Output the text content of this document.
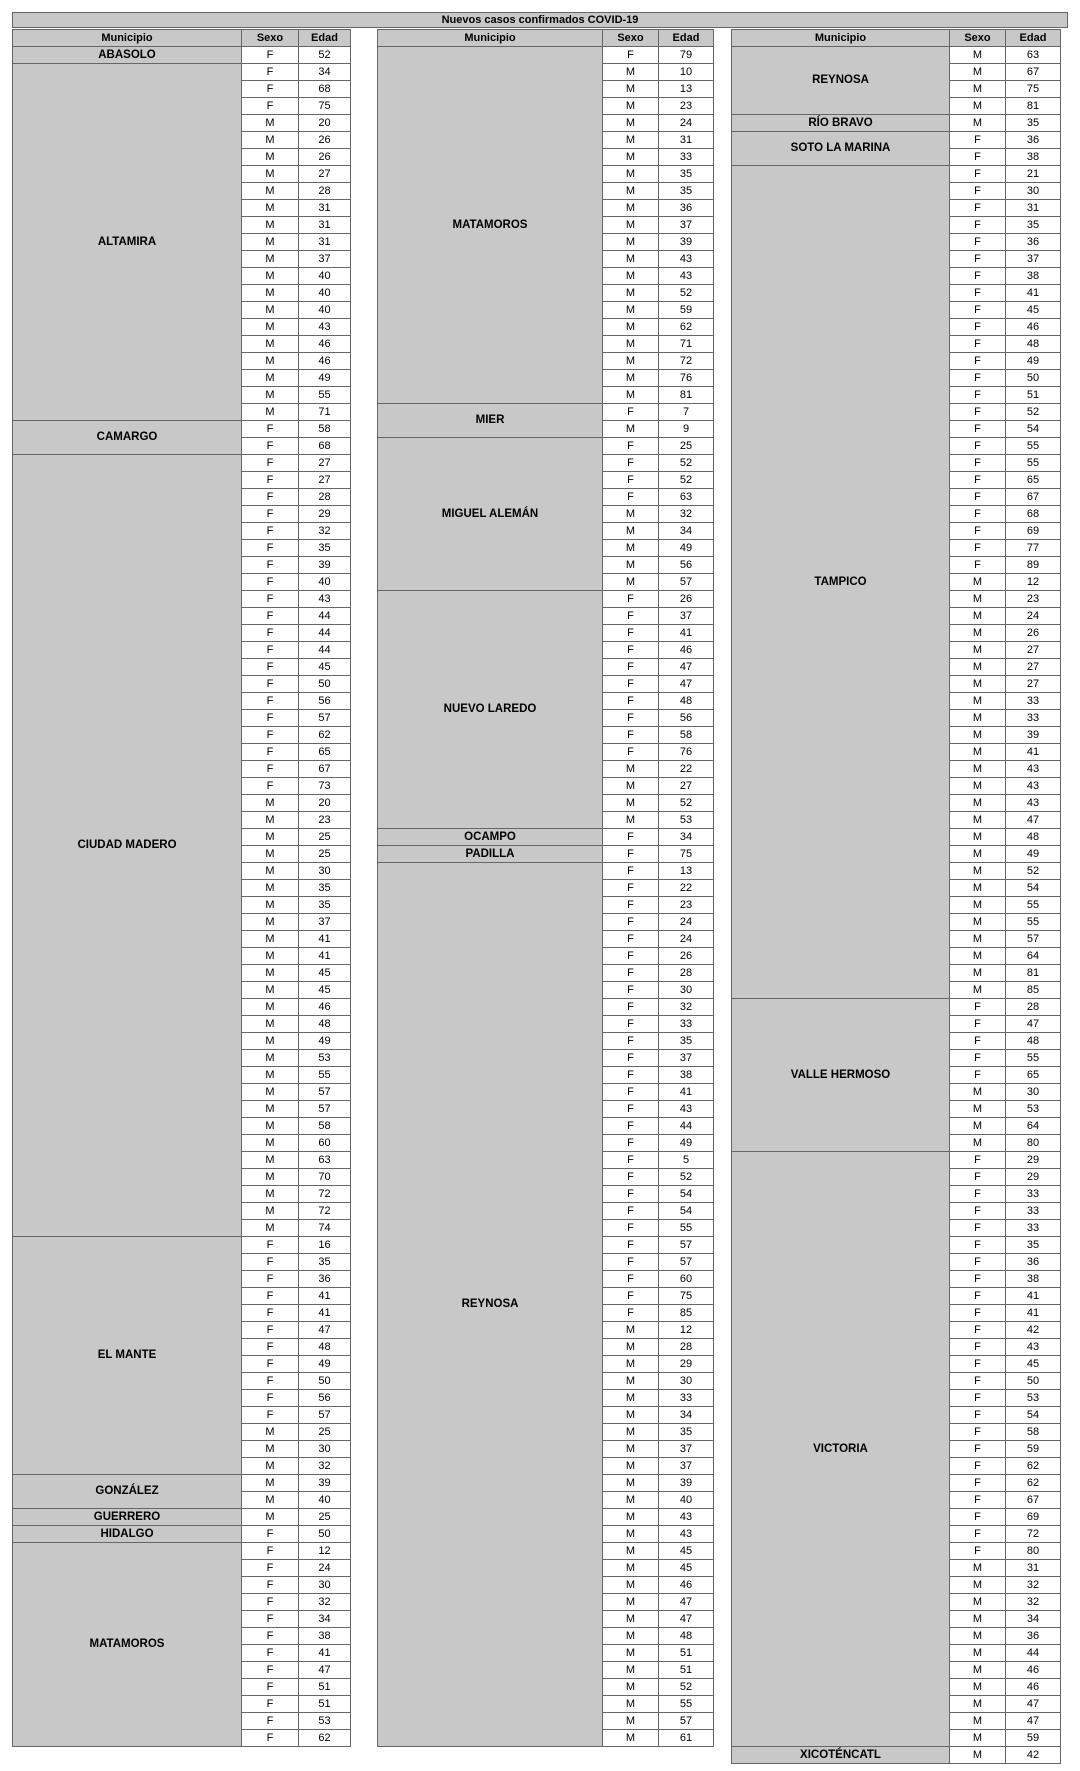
Nuevos casos confirmados COVID-19
Municipio	Sexo	Edad
ABASOLO	F	52
ALTAMIRA	F	34
	F	68
	F	75
	M	20
	M	26
	M	26
	M	27
	M	28
	M	31
	M	31
	M	31
	M	37
	M	40
	M	40
	M	40
	M	43
	M	46
	M	46
	M	49
	M	55
	M	71
CAMARGO	F	58
	F	68
CIUDAD MADERO	F	27
	F	27
	F	28
	F	29
	F	32
	F	35
	F	39
	F	40
	F	43
	F	44
	F	44
	F	44
	F	45
	F	50
	F	56
	F	57
	F	62
	F	65
	F	67
	F	73
	M	20
	M	23
	M	25
	M	25
	M	30
	M	35
	M	35
	M	37
	M	41
	M	41
	M	45
	M	45
	M	46
	M	48
	M	49
	M	53
	M	55
	M	57
	M	57
	M	58
	M	60
	M	63
	M	70
	M	72
	M	72
	M	74
EL MANTE	F	16
	F	35
	F	36
	F	41
	F	41
	F	47
	F	48
	F	49
	F	50
	F	56
	F	57
	M	25
	M	30
	M	32
GONZÁLEZ	M	39
	M	40
GUERRERO	M	25
HIDALGO	F	50
MATAMOROS	F	12
	F	24
	F	30
	F	32
	F	34
	F	38
	F	41
	F	47
	F	51
	F	51
	F	53
	F	62
Municipio	Sexo	Edad
MATAMOROS	F	79
	M	10
	M	13
	M	23
	M	24
	M	31
	M	33
	M	35
	M	35
	M	36
	M	37
	M	39
	M	43
	M	43
	M	52
	M	59
	M	62
	M	71
	M	72
	M	76
	M	81
MIER	F	7
	M	9
MIGUEL ALEMÁN	F	25
	F	52
	F	52
	F	63
	M	32
	M	34
	M	49
	M	56
	M	57
NUEVO LAREDO	F	26
	F	37
	F	41
	F	46
	F	47
	F	47
	F	48
	F	56
	F	58
	F	76
	M	22
	M	27
	M	52
	M	53
OCAMPO	F	34
PADILLA	F	75
REYNOSA	F	13
	F	22
	F	23
	F	24
	F	24
	F	26
	F	28
	F	30
	F	32
	F	33
	F	35
	F	37
	F	38
	F	41
	F	43
	F	44
	F	49
	F	5
	F	52
	F	54
	F	54
	F	55
	F	57
	F	57
	F	60
	F	75
	F	85
	M	12
	M	28
	M	29
	M	30
	M	33
	M	34
	M	35
	M	37
	M	37
	M	39
	M	40
	M	43
	M	43
	M	45
	M	45
	M	46
	M	47
	M	47
	M	48
	M	51
	M	51
	M	52
	M	55
	M	57
	M	61
Municipio	Sexo	Edad
REYNOSA	M	63
	M	67
	M	75
	M	81
RÍO BRAVO	M	35
SOTO LA MARINA	F	36
	F	38
TAMPICO	F	21
	F	30
	F	31
	F	35
	F	36
	F	37
	F	38
	F	41
	F	45
	F	46
	F	48
	F	49
	F	50
	F	51
	F	52
	F	54
	F	55
	F	55
	F	65
	F	67
	F	68
	F	69
	F	77
	F	89
	M	12
	M	23
	M	24
	M	26
	M	27
	M	27
	M	27
	M	33
	M	33
	M	39
	M	41
	M	43
	M	43
	M	43
	M	47
	M	48
	M	49
	M	52
	M	54
	M	55
	M	55
	M	57
	M	64
	M	81
	M	85
VALLE HERMOSO	F	28
	F	47
	F	48
	F	55
	F	65
	M	30
	M	53
	M	64
	M	80
VICTORIA	F	29
	F	29
	F	33
	F	33
	F	33
	F	35
	F	36
	F	38
	F	41
	F	41
	F	42
	F	43
	F	45
	F	50
	F	53
	F	54
	F	58
	F	59
	F	62
	F	62
	F	67
	F	69
	F	72
	F	80
	M	31
	M	32
	M	32
	M	34
	M	36
	M	44
	M	46
	M	46
	M	47
	M	47
	M	59
XICOTÉNCATL	M	42
